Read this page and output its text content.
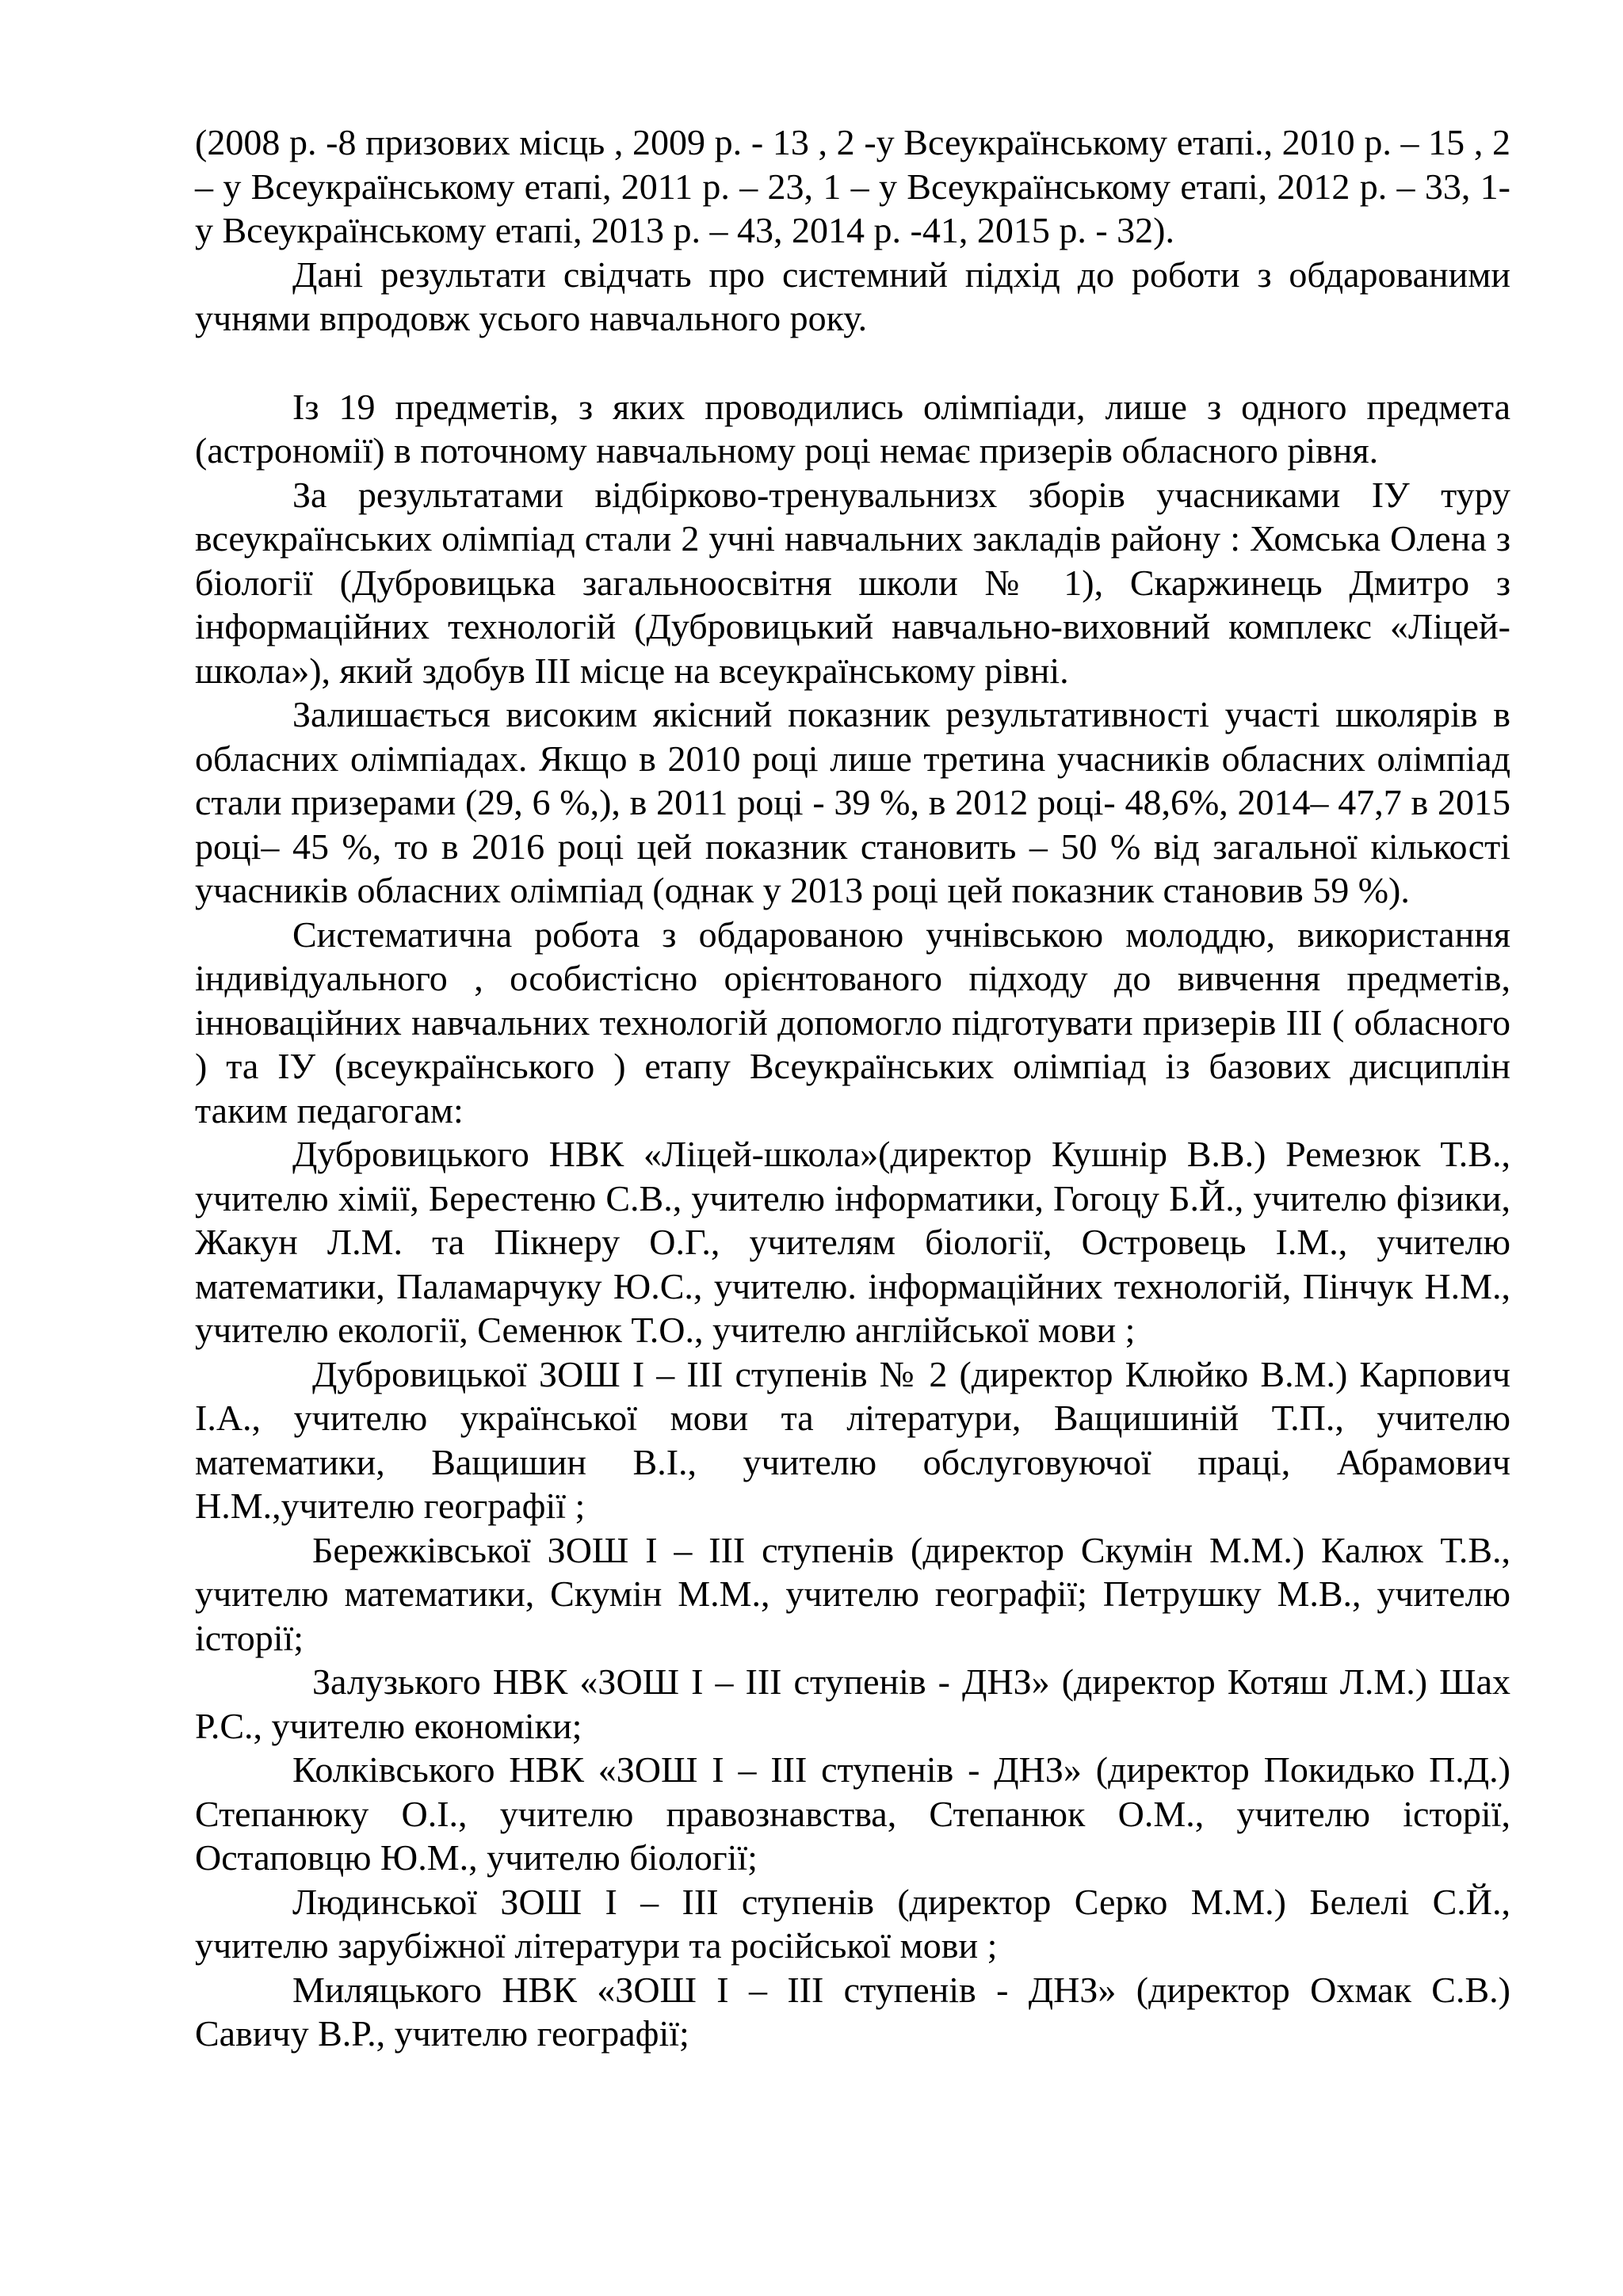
(2008 р. -8 призових місць , 2009 р. - 13 , 2 -у Всеукраїнському етапі., 2010 р. – 15 , 2 – у Всеукраїнському етапі, 2011 р. – 23, 1 – у Всеукраїнському етапі, 2012 р. – 33, 1- у Всеукраїнському етапі, 2013 р. – 43, 2014 р. -41, 2015 р. - 32).

Дані результати свідчать про системний підхід до роботи з обдарованими учнями впродовж усього навчального року.

Із 19 предметів, з яких проводились олімпіади, лише з одного предмета (астрономії) в поточному навчальному році немає призерів обласного рівня.

За результатами відбірково-тренувальнизх зборів учасниками ІУ туру всеукраїнських олімпіад стали 2 учні навчальних закладів району : Хомська Олена з біології (Дубровицька загальноосвітня школи № 1), Скаржинець Дмитро з інформаційних технологій (Дубровицький навчально-виховний комплекс «Ліцей-школа»), який здобув ІІІ місце на всеукраїнському рівні.

Залишається високим якісний показник результативності участі школярів в обласних олімпіадах. Якщо в 2010 році лише третина учасників обласних олімпіад стали призерами (29, 6 %,), в 2011 році - 39 %, в 2012 році- 48,6%, 2014– 47,7 в 2015 році– 45 %, то в 2016 році цей показник становить – 50 % від загальної кількості учасників обласних олімпіад (однак у 2013 році цей показник становив 59 %).

Систематична робота з обдарованою учнівською молоддю, використання індивідуального , особистісно орієнтованого підходу до вивчення предметів, інноваційних навчальних технологій допомогло підготувати призерів ІІІ ( обласного ) та ІУ (всеукраїнського ) етапу Всеукраїнських олімпіад із базових дисциплін таким педагогам:

Дубровицького НВК «Ліцей-школа»(директор Кушнір В.В.) Ремезюк Т.В., учителю хімії, Берестеню С.В., учителю інформатики, Гогоцу Б.Й., учителю фізики, Жакун Л.М. та Пікнеру О.Г., учителям біології, Островець І.М., учителю математики, Паламарчуку Ю.С., учителю. інформаційних технологій, Пінчук Н.М., учителю екології, Семенюк Т.О., учителю англійської мови ;

Дубровицької ЗОШ І – ІІІ ступенів № 2 (директор Клюйко В.М.) Карпович І.А., учителю української мови та літератури, Ващишиній Т.П., учителю математики, Ващишин В.І., учителю обслуговуючої праці, Абрамович Н.М.,учителю географії ;

Бережківської ЗОШ І – ІІІ ступенів (директор Скумін М.М.) Калюх Т.В., учителю математики, Скумін М.М., учителю географії; Петрушку М.В., учителю історії;

Залузького НВК «ЗОШ І – ІІІ ступенів - ДНЗ» (директор Котяш Л.М.) Шах Р.С., учителю економіки;

Колківського НВК «ЗОШ І – ІІІ ступенів - ДНЗ» (директор Покидько П.Д.) Степанюку О.І., учителю правознавства, Степанюк О.М., учителю історії, Остаповцю Ю.М., учителю біології;

Людинської ЗОШ І – ІІІ ступенів (директор Серко М.М.) Белелі С.Й., учителю зарубіжної літератури та російської мови ;

Миляцького НВК «ЗОШ І – ІІІ ступенів - ДНЗ» (директор Охмак С.В.) Савичу В.Р., учителю географії;
